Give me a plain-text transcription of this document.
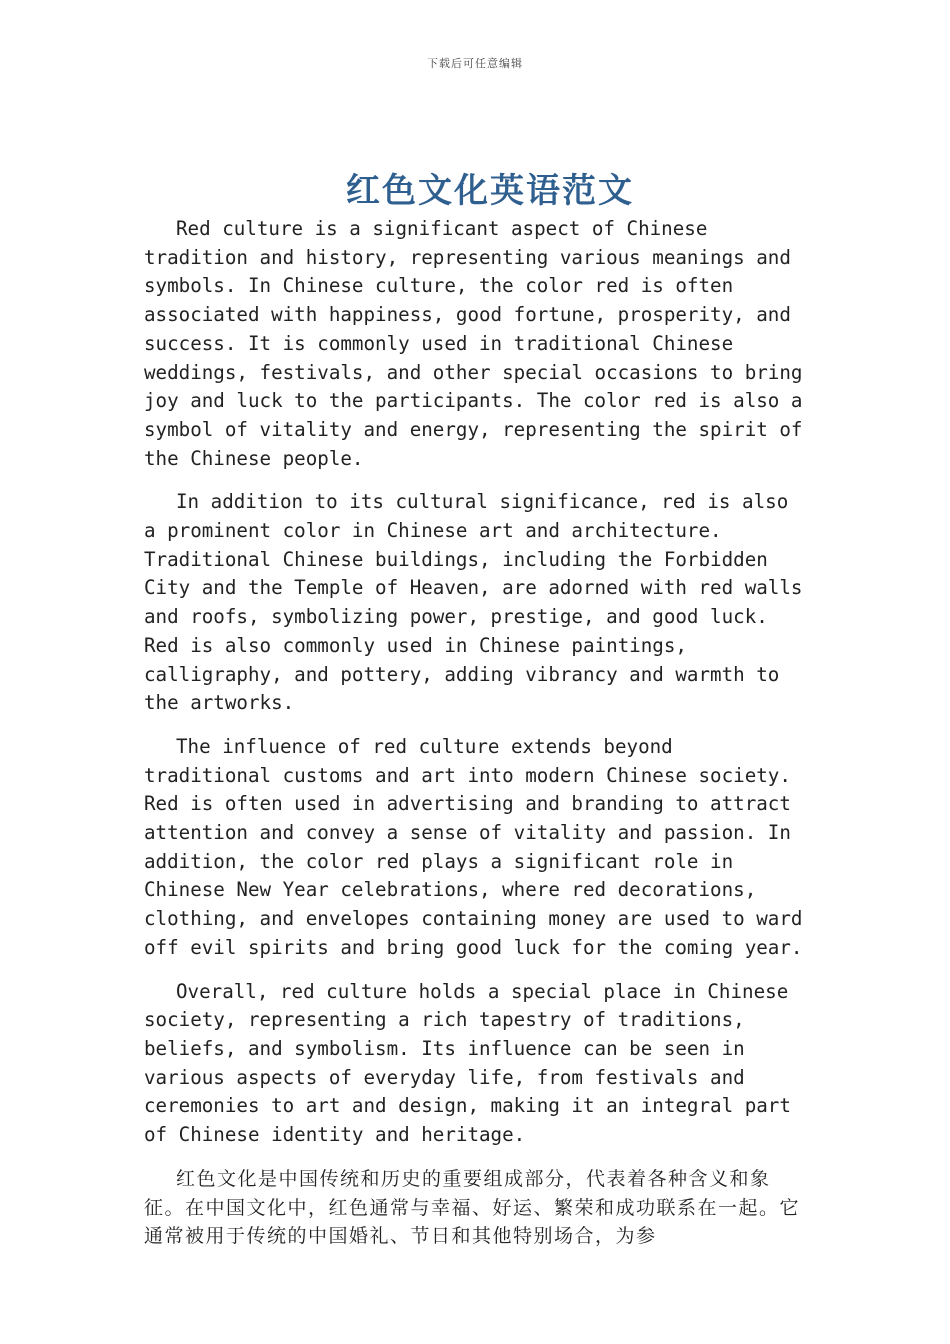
下载后可任意编辑
红色文化英语范文

Red culture is a significant aspect of Chinese tradition and history, representing various meanings and symbols. In Chinese culture, the color red is often associated with happiness, good fortune, prosperity, and success. It is commonly used in traditional Chinese weddings, festivals, and other special occasions to bring joy and luck to the participants. The color red is also a symbol of vitality and energy, representing the spirit of the Chinese people.

In addition to its cultural significance, red is also a prominent color in Chinese art and architecture. Traditional Chinese buildings, including the Forbidden City and the Temple of Heaven, are adorned with red walls and roofs, symbolizing power, prestige, and good luck. Red is also commonly used in Chinese paintings, calligraphy, and pottery, adding vibrancy and warmth to the artworks.

The influence of red culture extends beyond traditional customs and art into modern Chinese society. Red is often used in advertising and branding to attract attention and convey a sense of vitality and passion. In addition, the color red plays a significant role in Chinese New Year celebrations, where red decorations, clothing, and envelopes containing money are used to ward off evil spirits and bring good luck for the coming year.

Overall, red culture holds a special place in Chinese society, representing a rich tapestry of traditions, beliefs, and symbolism. Its influence can be seen in various aspects of everyday life, from festivals and ceremonies to art and design, making it an integral part of Chinese identity and heritage.

红色文化是中国传统和历史的重要组成部分，代表着各种含义和象征。在中国文化中，红色通常与幸福、好运、繁荣和成功联系在一起。它通常被用于传统的中国婚礼、节日和其他特别场合，为参
